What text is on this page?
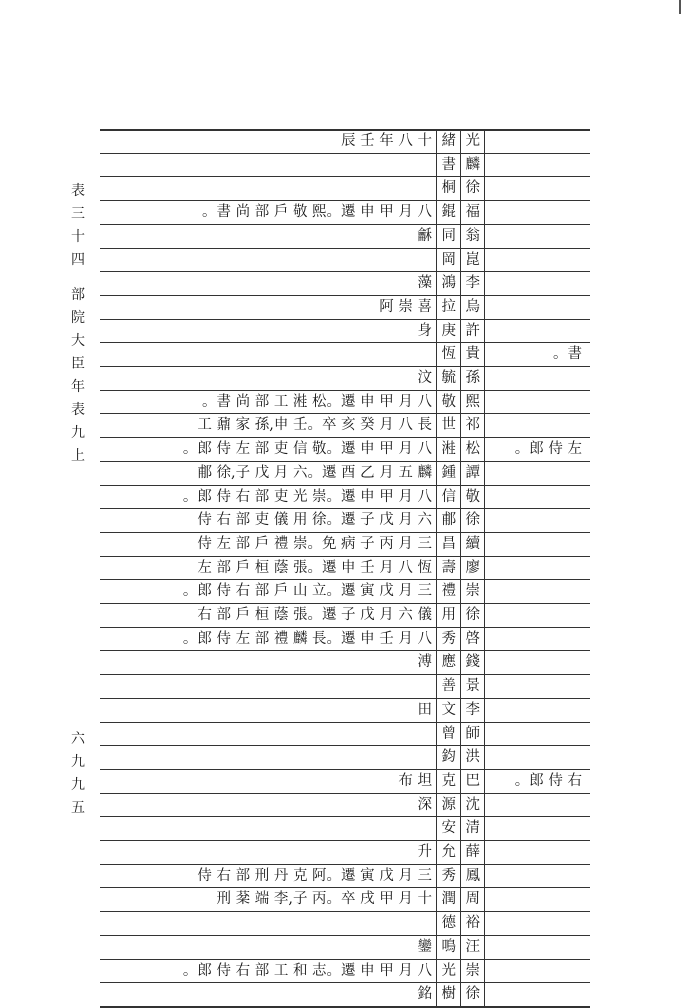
表
三
十
四
部
院
大
臣
年
表
九
上
六
九
九
五
光
緒
十 八 年 壬 辰
麟
書
徐
桐
福
錕
八 月 甲 申 遷。熙 敬 戶 部 尚 書。
翁
同
龢
崑
岡
李
鴻
藻
烏
拉
喜 崇 阿
許
庚
身
貴
恆
孫
毓
汶
熙
敬
八 月 甲 申 遷。松 溎 工 部 尚 書。
祁
世
長 八 月 癸 亥 卒。壬 申,孫 家 鼐 工
松
溎
八 月 甲 申 遷。敬 信 吏 部 左 侍 郎。
譚
鍾
麟 五 月 乙 酉 遷。六 月 戊 子,徐 郙
敬
信
八 月 甲 申 遷。崇 光 吏 部 右 侍 郎。
徐
郙
六 月 戊 子 遷。徐 用 儀 吏 部 右 侍
續
昌
三 月 丙 子 病 免。崇 禮 戶 部 左 侍
廖
壽
恆 八 月 壬 申 遷。張 蔭 桓 戶 部 左
崇
禮
三 月 戊 寅 遷。立 山 戶 部 右 侍 郎。
徐
用
儀 六 月 戊 子 遷。張 蔭 桓 戶 部 右
啓
秀
八 月 壬 申 遷。長 麟 禮 部 左 侍 郎。
錢
應
溥
景
善
李
文
田
師
曾
洪
鈞
巴
克
坦 布
沈
源
深
清
安
薛
允
升
鳳
秀
三 月 戊 寅 遷。阿 克 丹 刑 部 右 侍
周
潤
十 月 甲 戌 卒。丙 子,李 端 棻 刑
裕
德
汪
鳴
鑾
崇
光
八 月 甲 申 遷。志 和 工 部 右 侍 郎。
徐
樹
銘
書。
左 侍 郎。
右 侍 郎。
